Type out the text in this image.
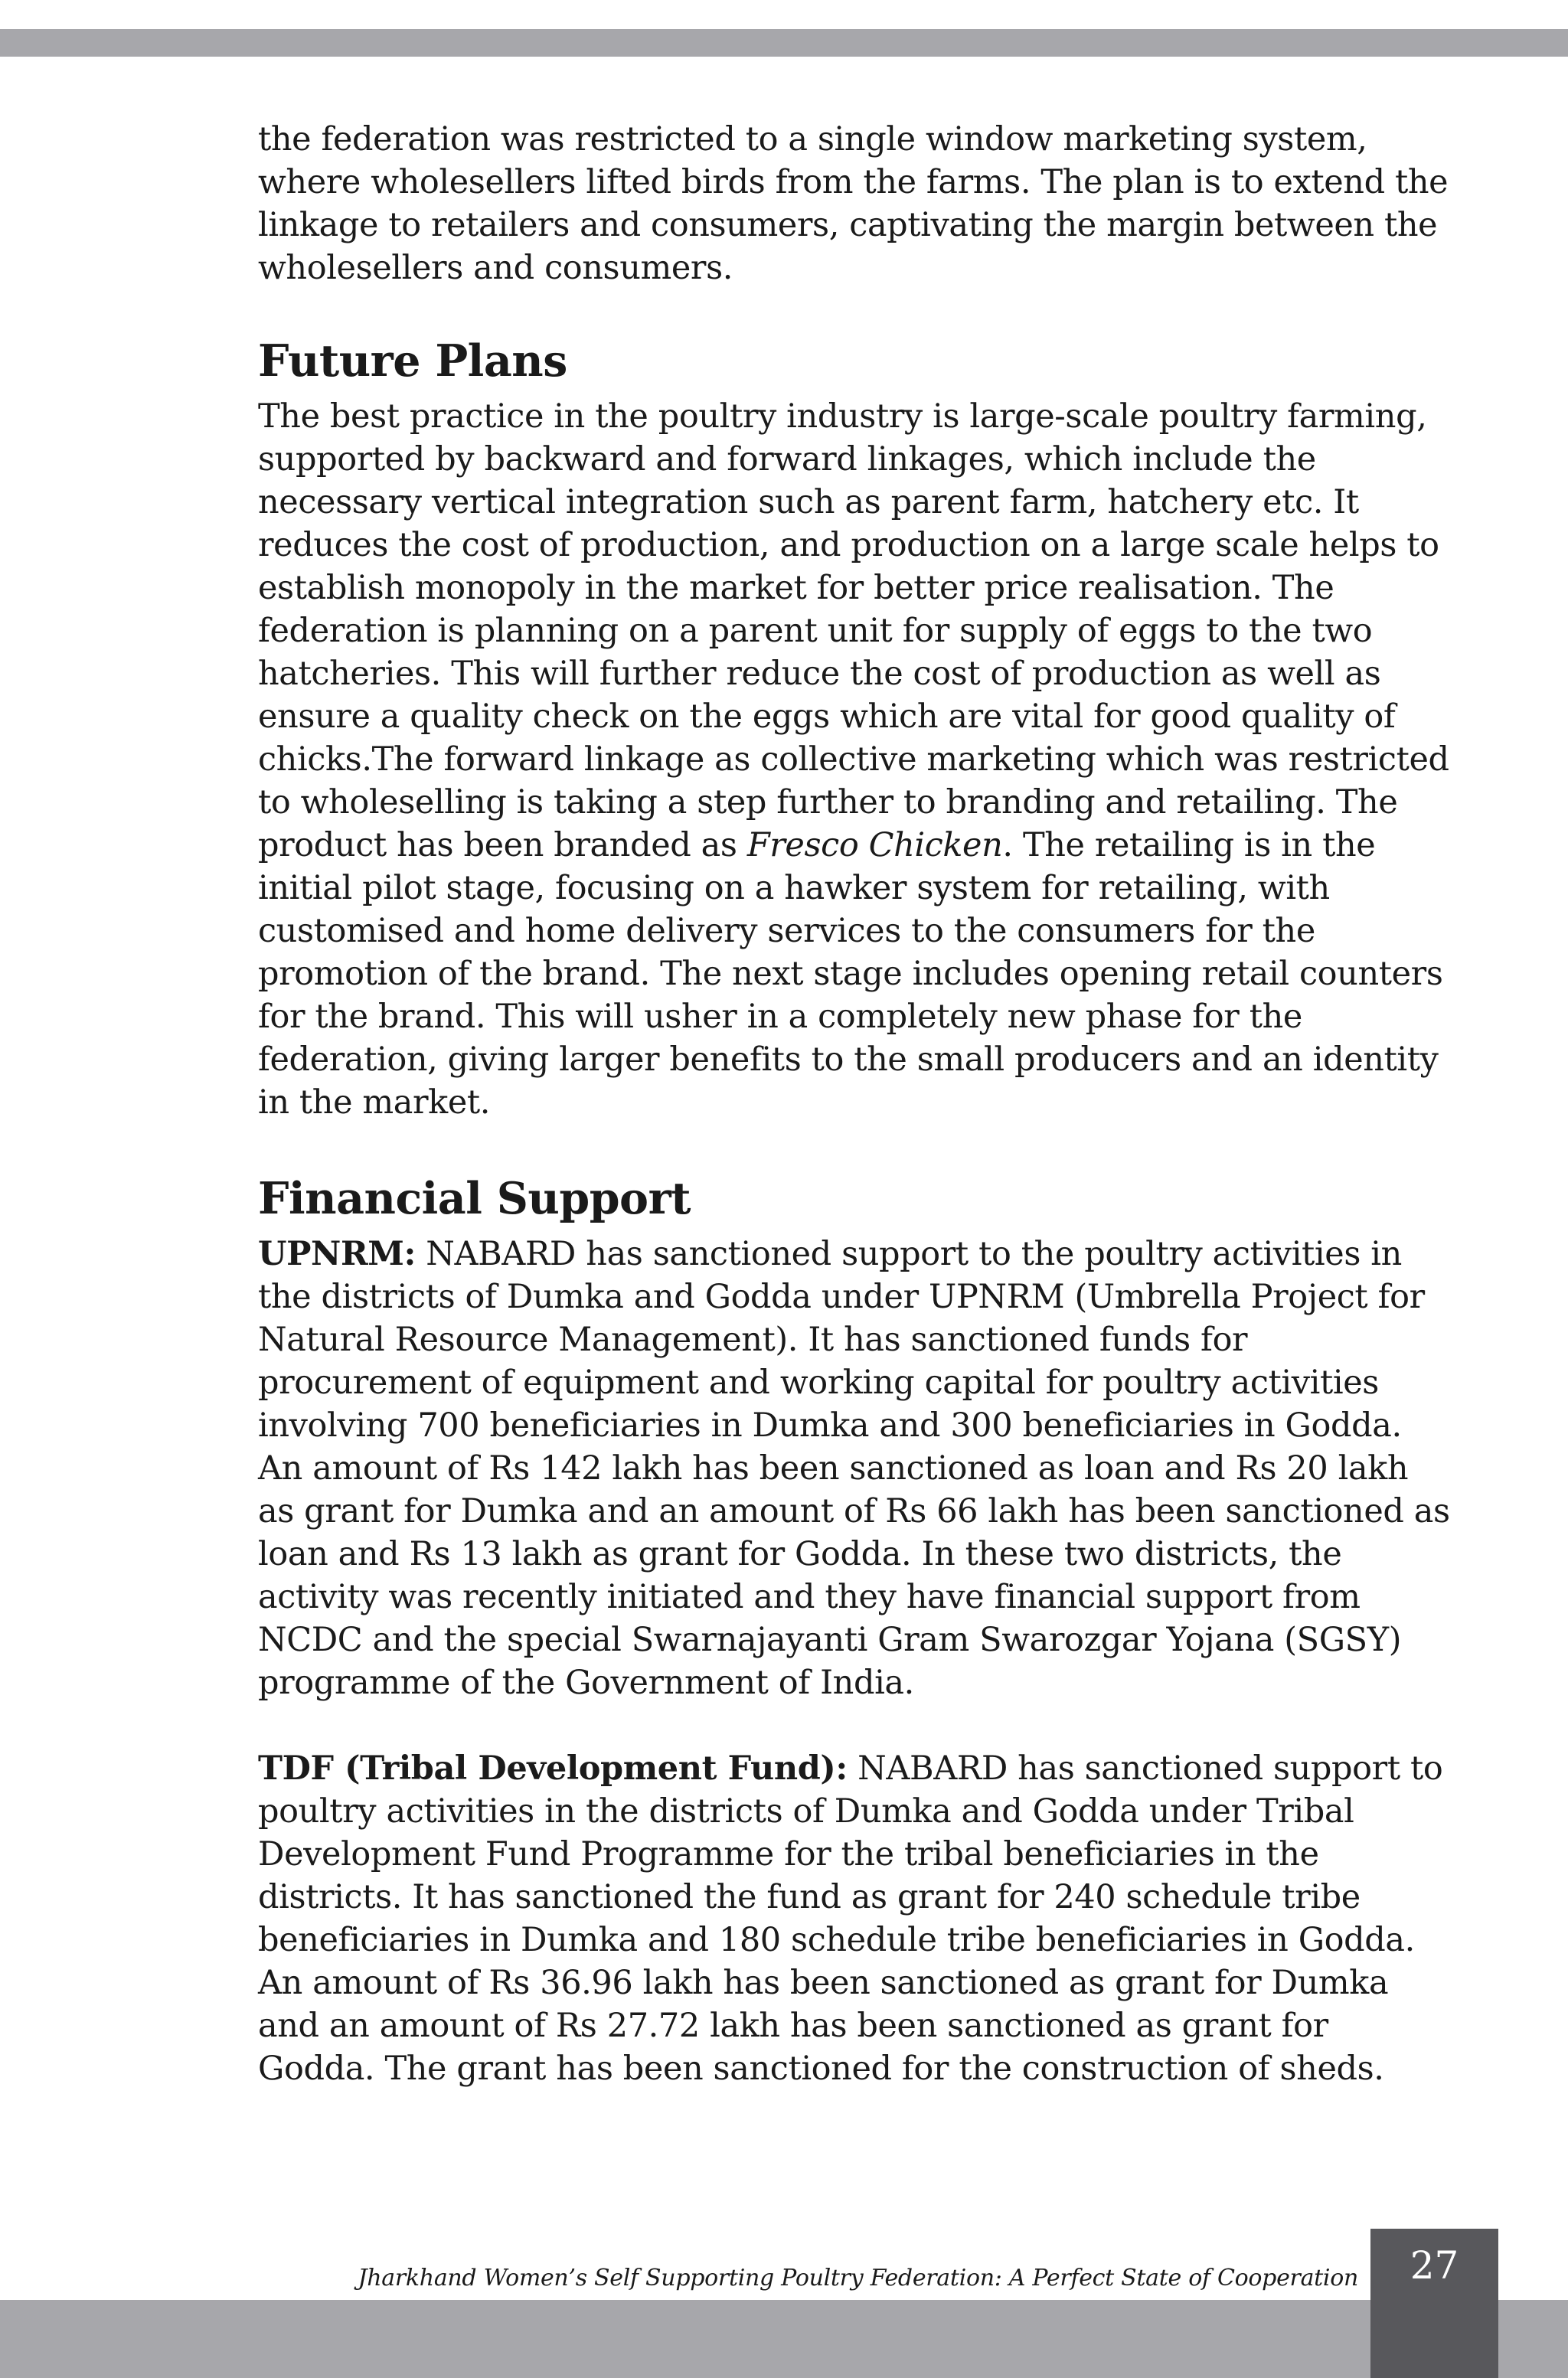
the federation was restricted to a single window marketing system, where wholesellers lifted birds from the farms. The plan is to extend the linkage to retailers and consumers, captivating the margin between the wholesellers and consumers.

Future Plans

The best practice in the poultry industry is large-scale poultry farming, supported by backward and forward linkages, which include the necessary vertical integration such as parent farm, hatchery etc. It reduces the cost of production, and production on a large scale helps to establish monopoly in the market for better price realisation. The federation is planning on a parent unit for supply of eggs to the two hatcheries. This will further reduce the cost of production as well as ensure a quality check on the eggs which are vital for good quality of chicks.The forward linkage as collective marketing which was restricted to wholeselling is taking a step further to branding and retailing. The product has been branded as Fresco Chicken. The retailing is in the initial pilot stage, focusing on a hawker system for retailing, with customised and home delivery services to the consumers for the promotion of the brand. The next stage includes opening retail counters for the brand. This will usher in a completely new phase for the federation, giving larger benefits to the small producers and an identity in the market.

Financial Support

UPNRM: NABARD has sanctioned support to the poultry activities in the districts of Dumka and Godda under UPNRM (Umbrella Project for Natural Resource Management). It has sanctioned funds for procurement of equipment and working capital for poultry activities involving 700 beneficiaries in Dumka and 300 beneficiaries in Godda. An amount of Rs 142 lakh has been sanctioned as loan and Rs 20 lakh as grant for Dumka and an amount of Rs 66 lakh has been sanctioned as loan and Rs 13 lakh as grant for Godda. In these two districts, the activity was recently initiated and they have financial support from NCDC and the special Swarnajayanti Gram Swarozgar Yojana (SGSY) programme of the Government of India.

TDF (Tribal Development Fund): NABARD has sanctioned support to poultry activities in the districts of Dumka and Godda under Tribal Development Fund Programme for the tribal beneficiaries in the districts. It has sanctioned the fund as grant for 240 schedule tribe beneficiaries in Dumka and 180 schedule tribe beneficiaries in Godda. An amount of Rs 36.96 lakh has been sanctioned as grant for Dumka and an amount of Rs 27.72 lakh has been sanctioned as grant for Godda. The grant has been sanctioned for the construction of sheds.

Jharkhand Women’s Self Supporting Poultry Federation: A Perfect State of Cooperation	27
